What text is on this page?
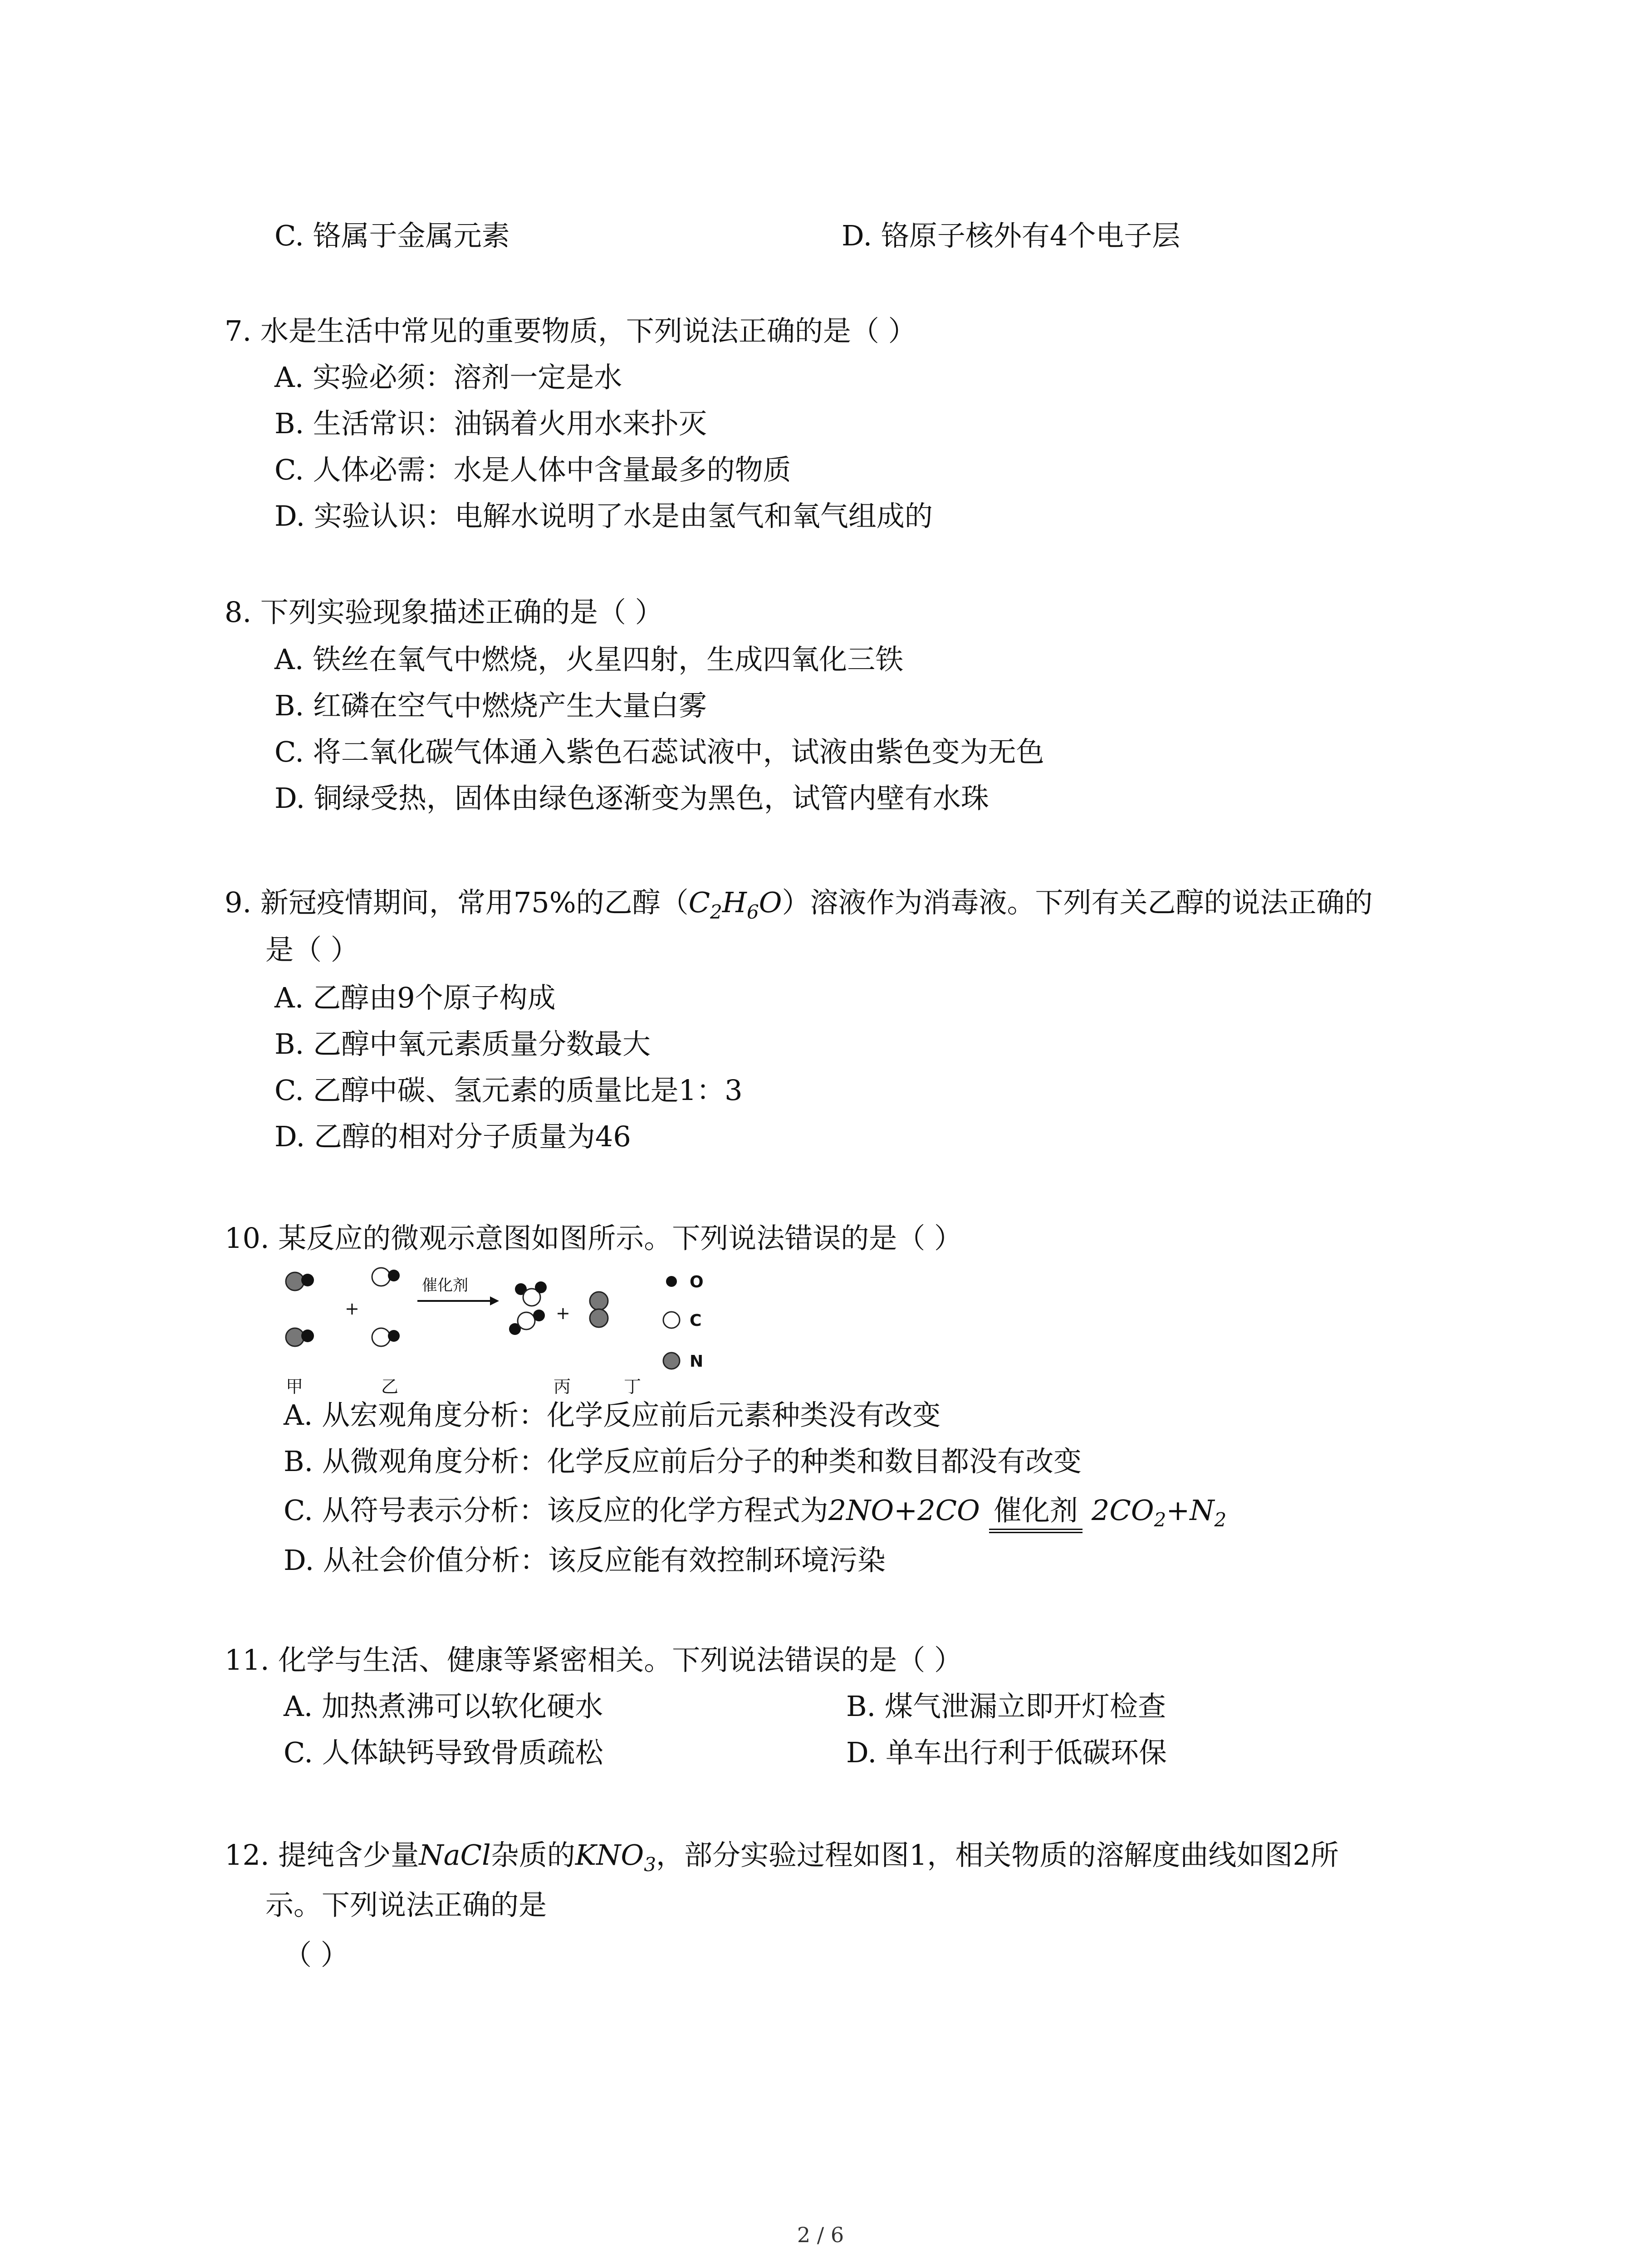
C. 铬属于金属元素	D. 铬原子核外有4个电子层
7. 水是生活中常见的重要物质，下列说法正确的是（ ）
A. 实验必须：溶剂一定是水
B. 生活常识：油锅着火用水来扑灭
C. 人体必需：水是人体中含量最多的物质
D. 实验认识：电解水说明了水是由氢气和氧气组成的
8. 下列实验现象描述正确的是（ ）
A. 铁丝在氧气中燃烧，火星四射，生成四氧化三铁
B. 红磷在空气中燃烧产生大量白雾
C. 将二氧化碳气体通入紫色石蕊试液中，试液由紫色变为无色
D. 铜绿受热，固体由绿色逐渐变为黑色，试管内壁有水珠
9. 新冠疫情期间，常用75%的乙醇$(C_2H_6O)$溶液作为消毒液。下列有关乙醇的说法正确的
是（ ）
A. 乙醇由9个原子构成
B. 乙醇中氧元素质量分数最大
C. 乙醇中碳、氢元素的质量比是1：3
D. 乙醇的相对分子质量为46
10. 某反应的微观示意图如图所示。下列说法错误的是（ ）
+
催化剂
+
O
C
N
甲	乙	丙	丁
A. 从宏观角度分析：化学反应前后元素种类没有改变
B. 从微观角度分析：化学反应前后分子的种类和数目都没有改变
C. 从符号表示分析：该反应的化学方程式为2NO+2CO 催化剂 $2CO_2+N_2$
D. 从社会价值分析：该反应能有效控制环境污染
11. 化学与生活、健康等紧密相关。下列说法错误的是（ ）
A. 加热煮沸可以软化硬水	B. 煤气泄漏立即开灯检查
C. 人体缺钙导致骨质疏松	D. 单车出行利于低碳环保
12. 提纯含少量NaCl杂质的$KNO_3$，部分实验过程如图1，相关物质的溶解度曲线如图2所
示。下列说法正确的是
（ ）
2 / 6
